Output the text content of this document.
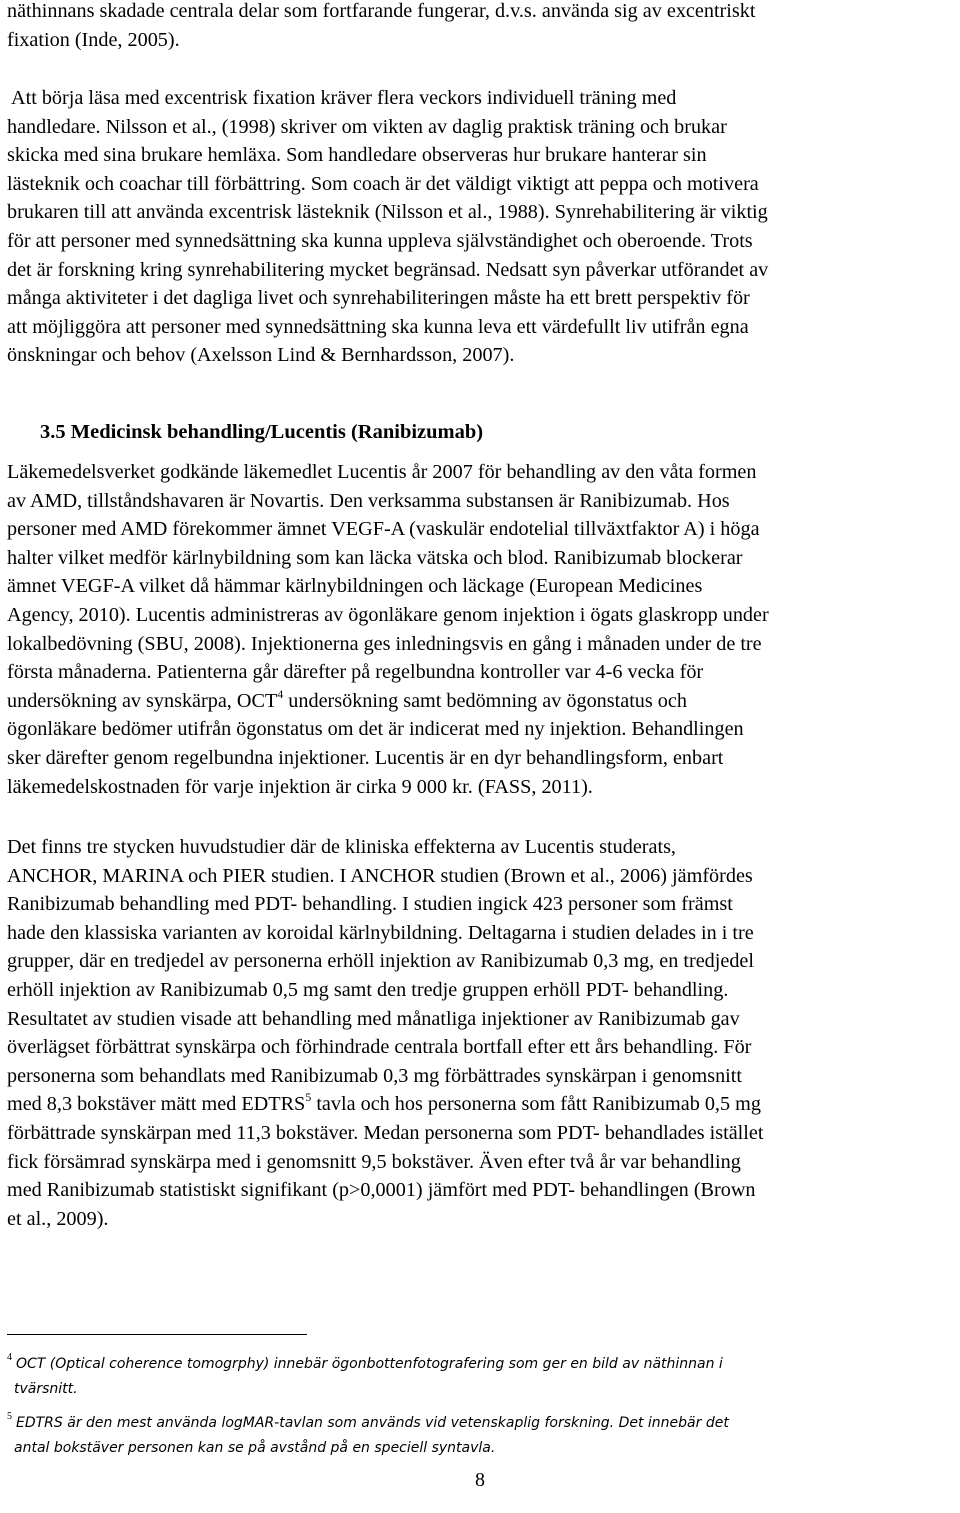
näthinnans skadade centrala delar som fortfarande fungerar, d.v.s. använda sig av excentriskt
fixation (Inde, 2005).

Att börja läsa med excentrisk fixation kräver flera veckors individuell träning med
handledare. Nilsson et al., (1998) skriver om vikten av daglig praktisk träning och brukar
skicka med sina brukare hemläxa. Som handledare observeras hur brukare hanterar sin
lästeknik och coachar till förbättring. Som coach är det väldigt viktigt att peppa och motivera
brukaren till att använda excentrisk lästeknik (Nilsson et al., 1988). Synrehabilitering är viktig
för att personer med synnedsättning ska kunna uppleva självständighet och oberoende. Trots
det är forskning kring synrehabilitering mycket begränsad. Nedsatt syn påverkar utförandet av
många aktiviteter i det dagliga livet och synrehabiliteringen måste ha ett brett perspektiv för
att möjliggöra att personer med synnedsättning ska kunna leva ett värdefullt liv utifrån egna
önskningar och behov (Axelsson Lind & Bernhardsson, 2007).

3.5 Medicinsk behandling/Lucentis (Ranibizumab)

Läkemedelsverket godkände läkemedlet Lucentis år 2007 för behandling av den våta formen
av AMD, tillståndshavaren är Novartis. Den verksamma substansen är Ranibizumab. Hos
personer med AMD förekommer ämnet VEGF-A (vaskulär endotelial tillväxtfaktor A) i höga
halter vilket medför kärlnybildning som kan läcka vätska och blod. Ranibizumab blockerar
ämnet VEGF-A vilket då hämmar kärlnybildningen och läckage (European Medicines
Agency, 2010). Lucentis administreras av ögonläkare genom injektion i ögats glaskropp under
lokalbedövning (SBU, 2008). Injektionerna ges inledningsvis en gång i månaden under de tre
första månaderna. Patienterna går därefter på regelbundna kontroller var 4-6 vecka för
undersökning av synskärpa, OCT$^4$ undersökning samt bedömning av ögonstatus och
ögonläkare bedömer utifrån ögonstatus om det är indicerat med ny injektion. Behandlingen
sker därefter genom regelbundna injektioner. Lucentis är en dyr behandlingsform, enbart
läkemedelskostnaden för varje injektion är cirka 9 000 kr. (FASS, 2011).

Det finns tre stycken huvudstudier där de kliniska effekterna av Lucentis studerats,
ANCHOR, MARINA och PIER studien. I ANCHOR studien (Brown et al., 2006) jämfördes
Ranibizumab behandling med PDT- behandling. I studien ingick 423 personer som främst
hade den klassiska varianten av koroidal kärlnybildning. Deltagarna i studien delades in i tre
grupper, där en tredjedel av personerna erhöll injektion av Ranibizumab 0,3 mg, en tredjedel
erhöll injektion av Ranibizumab 0,5 mg samt den tredje gruppen erhöll PDT- behandling.
Resultatet av studien visade att behandling med månatliga injektioner av Ranibizumab gav
överlägset förbättrat synskärpa och förhindrade centrala bortfall efter ett års behandling. För
personerna som behandlats med Ranibizumab 0,3 mg förbättrades synskärpan i genomsnitt
med 8,3 bokstäver mätt med EDTRS$^5$ tavla och hos personerna som fått Ranibizumab 0,5 mg
förbättrade synskärpan med 11,3 bokstäver. Medan personerna som PDT- behandlades istället
fick försämrad synskärpa med i genomsnitt 9,5 bokstäver. Även efter två år var behandling
med Ranibizumab statistiskt signifikant (p>0,0001) jämfört med PDT- behandlingen (Brown
et al., 2009).

$^4$ OCT (Optical coherence tomogrphy) innebär ögonbottenfotografering som ger en bild av näthinnan i
tvärsnitt.
$^5$ EDTRS är den mest använda logMAR-tavlan som används vid vetenskaplig forskning. Det innebär det
antal bokstäver personen kan se på avstånd på en speciell syntavla.

8
